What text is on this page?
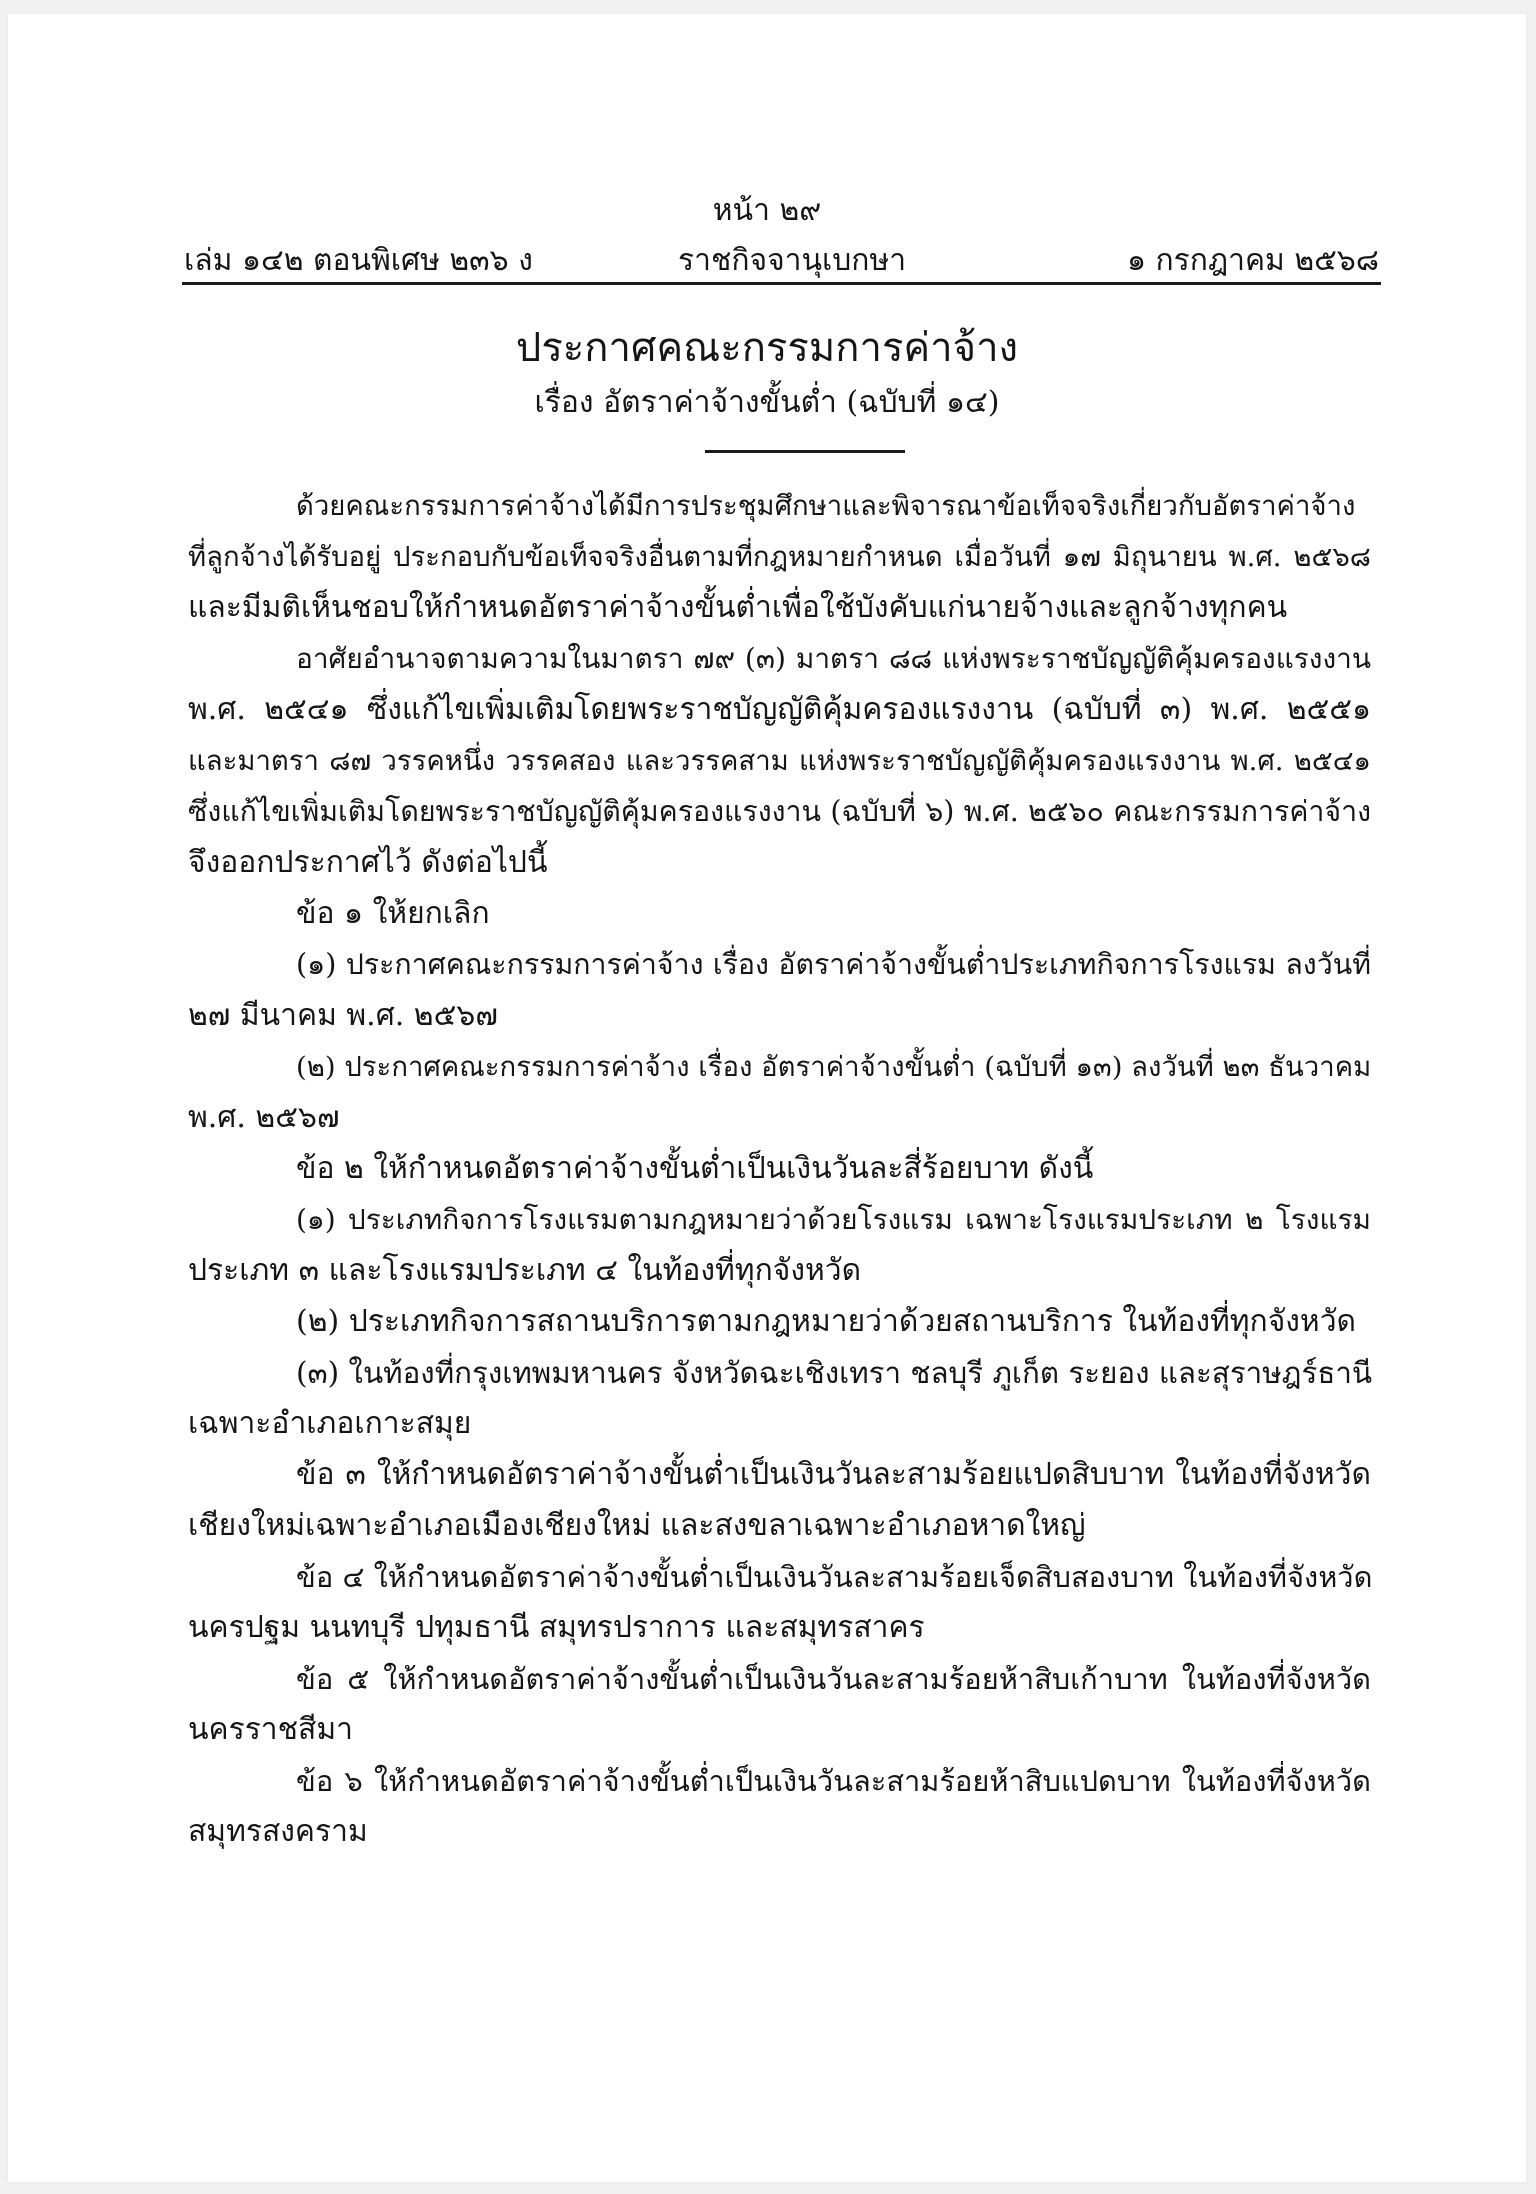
หน้า ๒๙
เล่ม ๑๔๒ ตอนพิเศษ ๒๓๖ ง	ราชกิจจานุเบกษา	๑ กรกฎาคม ๒๕๖๘
ประกาศคณะกรรมการค่าจ้าง
เรื่อง อัตราค่าจ้างขั้นต่ำ (ฉบับที่ ๑๔)
ด้วยคณะกรรมการค่าจ้างได้มีการประชุมศึกษาและพิจารณาข้อเท็จจริงเกี่ยวกับอัตราค่าจ้าง
ที่ลูกจ้างได้รับอยู่ ประกอบกับข้อเท็จจริงอื่นตามที่กฎหมายกำหนด เมื่อวันที่ ๑๗ มิถุนายน พ.ศ. ๒๕๖๘
และมีมติเห็นชอบให้กำหนดอัตราค่าจ้างขั้นต่ำเพื่อใช้บังคับแก่นายจ้างและลูกจ้างทุกคน
อาศัยอำนาจตามความในมาตรา ๗๙ (๓) มาตรา ๘๘ แห่งพระราชบัญญัติคุ้มครองแรงงาน
พ.ศ. ๒๕๔๑ ซึ่งแก้ไขเพิ่มเติมโดยพระราชบัญญัติคุ้มครองแรงงาน (ฉบับที่ ๓) พ.ศ. ๒๕๕๑
และมาตรา ๘๗ วรรคหนึ่ง วรรคสอง และวรรคสาม แห่งพระราชบัญญัติคุ้มครองแรงงาน พ.ศ. ๒๕๔๑
ซึ่งแก้ไขเพิ่มเติมโดยพระราชบัญญัติคุ้มครองแรงงาน (ฉบับที่ ๖) พ.ศ. ๒๕๖๐ คณะกรรมการค่าจ้าง
จึงออกประกาศไว้ ดังต่อไปนี้
ข้อ ๑ ให้ยกเลิก
(๑) ประกาศคณะกรรมการค่าจ้าง เรื่อง อัตราค่าจ้างขั้นต่ำประเภทกิจการโรงแรม ลงวันที่
๒๗ มีนาคม พ.ศ. ๒๕๖๗
(๒) ประกาศคณะกรรมการค่าจ้าง เรื่อง อัตราค่าจ้างขั้นต่ำ (ฉบับที่ ๑๓) ลงวันที่ ๒๓ ธันวาคม
พ.ศ. ๒๕๖๗
ข้อ ๒ ให้กำหนดอัตราค่าจ้างขั้นต่ำเป็นเงินวันละสี่ร้อยบาท ดังนี้
(๑) ประเภทกิจการโรงแรมตามกฎหมายว่าด้วยโรงแรม เฉพาะโรงแรมประเภท ๒ โรงแรม
ประเภท ๓ และโรงแรมประเภท ๔ ในท้องที่ทุกจังหวัด
(๒) ประเภทกิจการสถานบริการตามกฎหมายว่าด้วยสถานบริการ ในท้องที่ทุกจังหวัด
(๓) ในท้องที่กรุงเทพมหานคร จังหวัดฉะเชิงเทรา ชลบุรี ภูเก็ต ระยอง และสุราษฎร์ธานี
เฉพาะอำเภอเกาะสมุย
ข้อ ๓ ให้กำหนดอัตราค่าจ้างขั้นต่ำเป็นเงินวันละสามร้อยแปดสิบบาท ในท้องที่จังหวัด
เชียงใหม่เฉพาะอำเภอเมืองเชียงใหม่ และสงขลาเฉพาะอำเภอหาดใหญ่
ข้อ ๔ ให้กำหนดอัตราค่าจ้างขั้นต่ำเป็นเงินวันละสามร้อยเจ็ดสิบสองบาท ในท้องที่จังหวัด
นครปฐม นนทบุรี ปทุมธานี สมุทรปราการ และสมุทรสาคร
ข้อ ๕ ให้กำหนดอัตราค่าจ้างขั้นต่ำเป็นเงินวันละสามร้อยห้าสิบเก้าบาท ในท้องที่จังหวัด
นครราชสีมา
ข้อ ๖ ให้กำหนดอัตราค่าจ้างขั้นต่ำเป็นเงินวันละสามร้อยห้าสิบแปดบาท ในท้องที่จังหวัด
สมุทรสงคราม
